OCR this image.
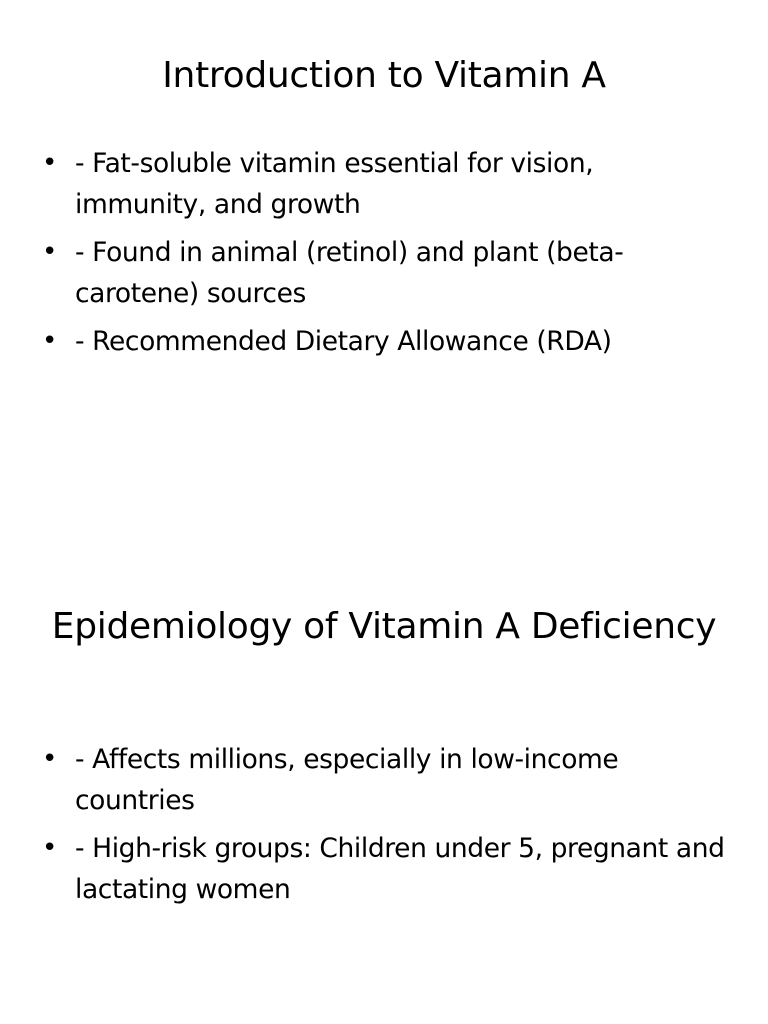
Introduction to Vitamin A
• - Fat-soluble vitamin essential for vision, immunity, and growth
• - Found in animal (retinol) and plant (beta-carotene) sources
• - Recommended Dietary Allowance (RDA)
Epidemiology of Vitamin A Deficiency
• - Affects millions, especially in low-income countries
• - High-risk groups: Children under 5, pregnant and lactating women
